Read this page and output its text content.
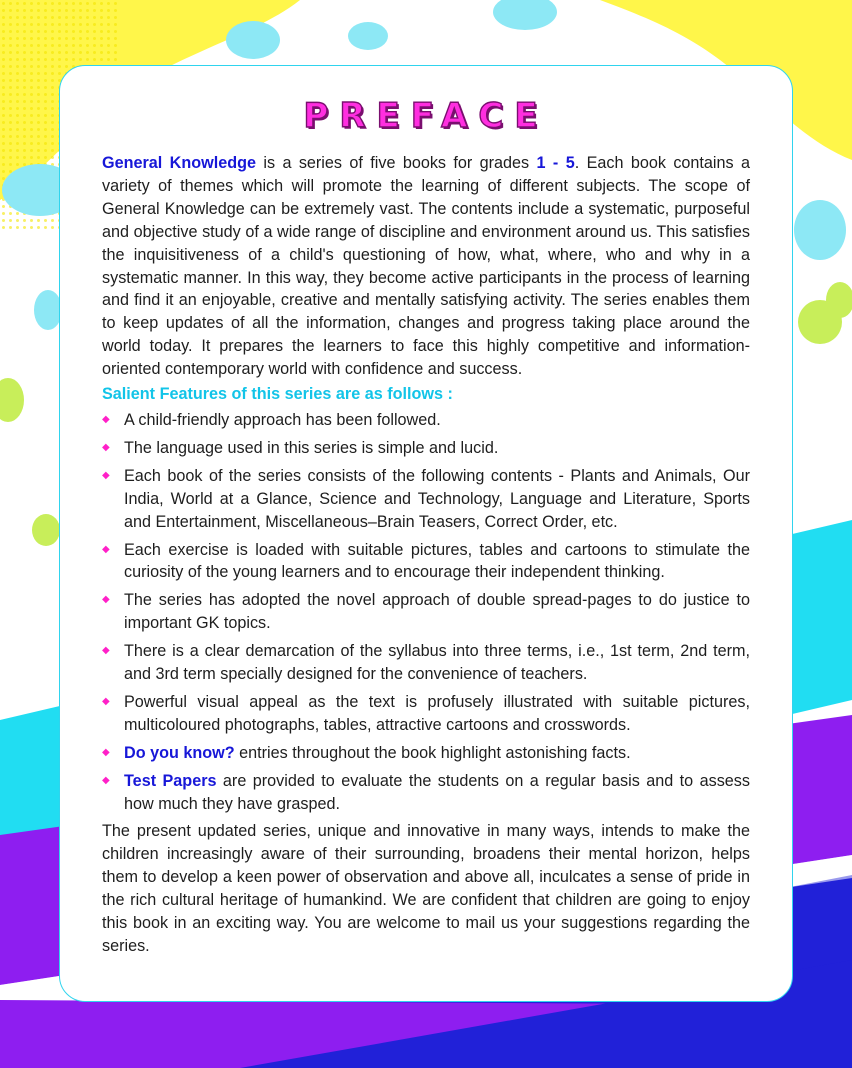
PREFACE

General Knowledge is a series of five books for grades 1 - 5. Each book contains a variety of themes which will promote the learning of different subjects. The scope of General Knowledge can be extremely vast. The contents include a systematic, purposeful and objective study of a wide range of discipline and environment around us. This satisfies the inquisitiveness of a child's questioning of how, what, where, who and why in a systematic manner. In this way, they become active participants in the process of learning and find it an enjoyable, creative and mentally satisfying activity. The series enables them to keep updates of all the information, changes and progress taking place around the world today. It prepares the learners to face this highly competitive and information-oriented contemporary world with confidence and success.

Salient Features of this series are as follows :
◆ A child-friendly approach has been followed.
◆ The language used in this series is simple and lucid.
◆ Each book of the series consists of the following contents - Plants and Animals, Our India, World at a Glance, Science and Technology, Language and Literature, Sports and Entertainment, Miscellaneous–Brain Teasers, Correct Order, etc.
◆ Each exercise is loaded with suitable pictures, tables and cartoons to stimulate the curiosity of the young learners and to encourage their independent thinking.
◆ The series has adopted the novel approach of double spread-pages to do justice to important GK topics.
◆ There is a clear demarcation of the syllabus into three terms, i.e., 1st term, 2nd term, and 3rd term specially designed for the convenience of teachers.
◆ Powerful visual appeal as the text is profusely illustrated with suitable pictures, multicoloured photographs, tables, attractive cartoons and crosswords.
◆ Do you know? entries throughout the book highlight astonishing facts.
◆ Test Papers are provided to evaluate the students on a regular basis and to assess how much they have grasped.

The present updated series, unique and innovative in many ways, intends to make the children increasingly aware of their surrounding, broadens their mental horizon, helps them to develop a keen power of observation and above all, inculcates a sense of pride in the rich cultural heritage of humankind. We are confident that children are going to enjoy this book in an exciting way. You are welcome to mail us your suggestions regarding the series.
